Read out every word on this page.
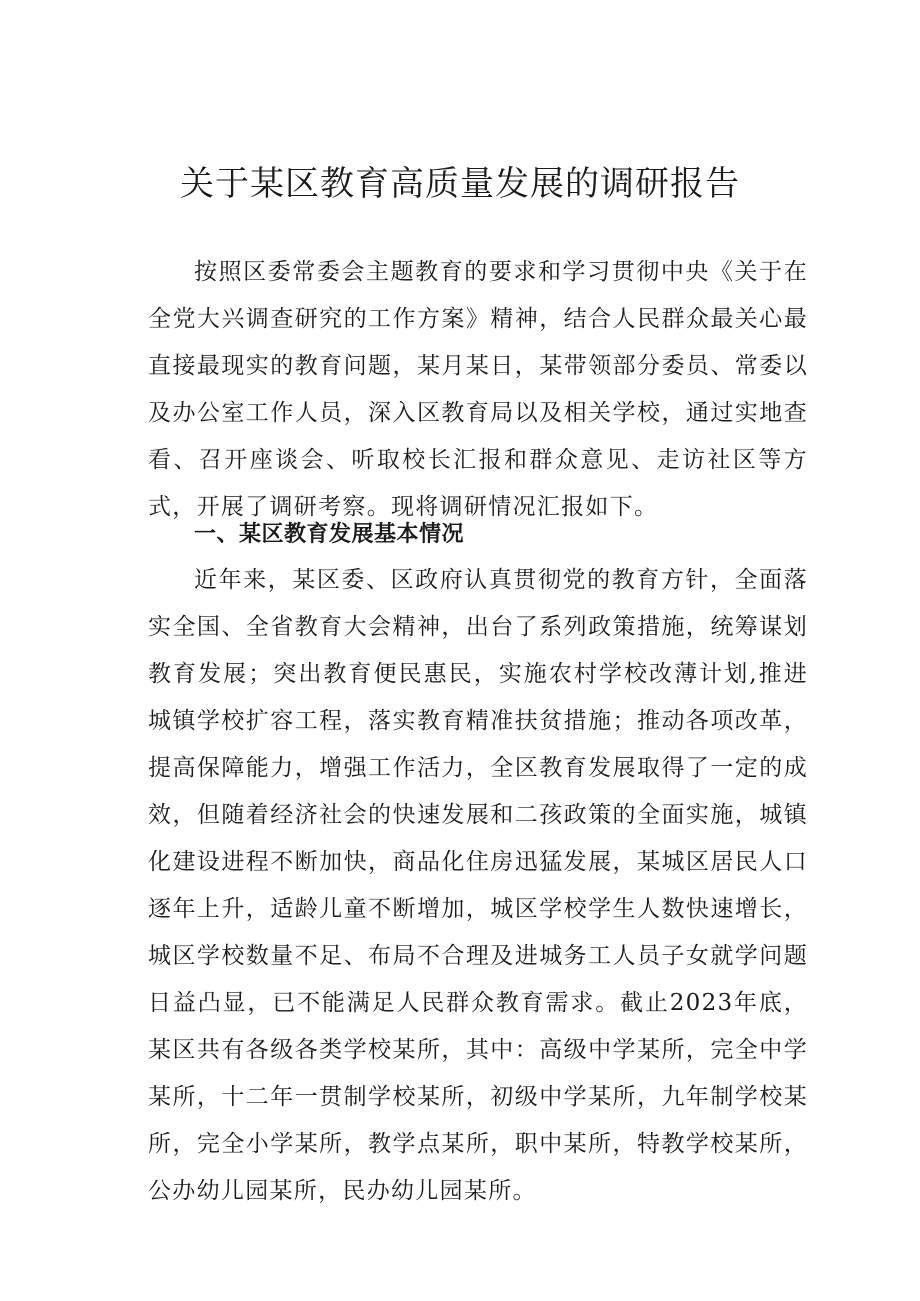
关于某区教育高质量发展的调研报告

按照区委常委会主题教育的要求和学习贯彻中央《关于在全党大兴调查研究的工作方案》精神，结合人民群众最关心最直接最现实的教育问题，某月某日，某带领部分委员、常委以及办公室工作人员，深入区教育局以及相关学校，通过实地查看、召开座谈会、听取校长汇报和群众意见、走访社区等方式，开展了调研考察。现将调研情况汇报如下。

一、某区教育发展基本情况

近年来，某区委、区政府认真贯彻党的教育方针，全面落实全国、全省教育大会精神，出台了系列政策措施，统筹谋划教育发展；突出教育便民惠民，实施农村学校改薄计划,推进城镇学校扩容工程，落实教育精准扶贫措施；推动各项改革，提高保障能力，增强工作活力，全区教育发展取得了一定的成效，但随着经济社会的快速发展和二孩政策的全面实施，城镇化建设进程不断加快，商品化住房迅猛发展，某城区居民人口逐年上升，适龄儿童不断增加，城区学校学生人数快速增长，城区学校数量不足、布局不合理及进城务工人员子女就学问题日益凸显，已不能满足人民群众教育需求。截止2023年底，某区共有各级各类学校某所，其中：高级中学某所，完全中学某所，十二年一贯制学校某所，初级中学某所，九年制学校某所，完全小学某所，教学点某所，职中某所，特教学校某所，公办幼儿园某所，民办幼儿园某所。
